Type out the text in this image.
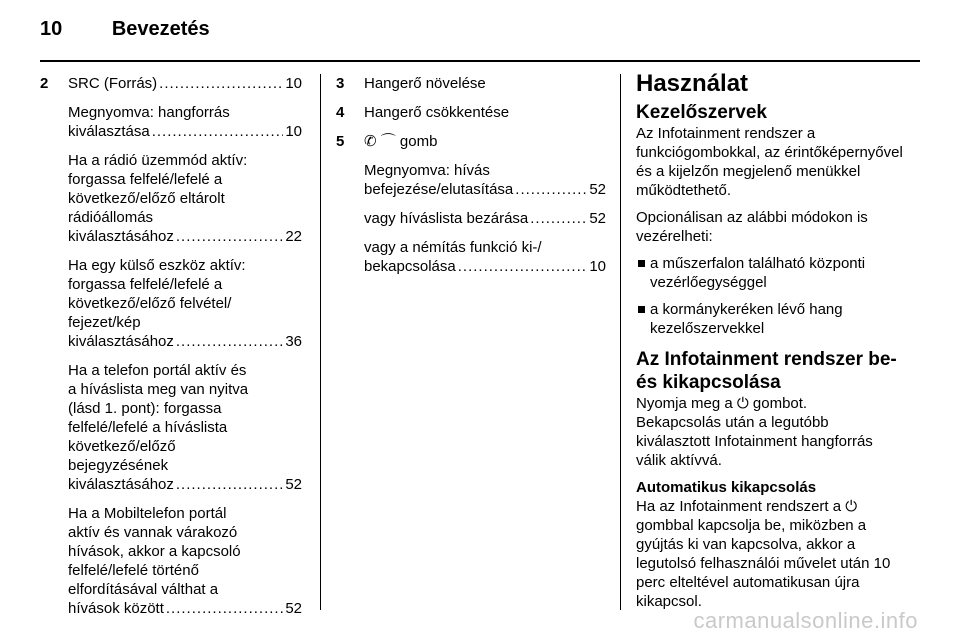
10 Bevezetés
2 SRC (Forrás) .....	10
Megnyomva: hangforrás
kiválasztása .....	10
Ha a rádió üzemmód aktív:
forgassa felfelé/lefelé a
következő/előző eltárolt
rádióállomás
kiválasztásához .....	22
Ha egy külső eszköz aktív:
forgassa felfelé/lefelé a
következő/előző felvétel/
fejezet/kép
kiválasztásához .....	36
Ha a telefon portál aktív és
a híváslista meg van nyitva
(lásd 1. pont): forgassa
felfelé/lefelé a híváslista
következő/előző
bejegyzésének
kiválasztásához .....	52
Ha a Mobiltelefon portál
aktív és vannak várakozó
hívások, akkor a kapcsoló
felfelé/lefelé történő
elfordításával válthat a
hívások között .....	52
3 Hangerő növelése
4 Hangerő csökkentése
5 ✆ ⌒ gomb
Megnyomva: hívás
befejezése/elutasítása .....	52
vagy híváslista bezárása .....	52
vagy a némítás funkció ki-/
bekapcsolása .....	10
Használat
Kezelőszervek

Az Infotainment rendszer a funkciógombokkal, az érintőképernyővel és a kijelzőn megjelenő menükkel működtethető.

Opcionálisan az alábbi módokon is vezérelheti:

a műszerfalon található központi vezérlőegységgel
a kormánykeréken lévő hang kezelőszervekkel
Az Infotainment rendszer be- és kikapcsolása

Nyomja meg a ⏻ gombot.

Bekapcsolás után a legutóbb kiválasztott Infotainment hangforrás válik aktívvá.

Automatikus kikapcsolás

Ha az Infotainment rendszert a ⏻ gombbal kapcsolja be, miközben a gyújtás ki van kapcsolva, akkor a legutolsó felhasználói művelet után 10 perc elteltével automatikusan újra kikapcsol.

carmanualsonline.info
